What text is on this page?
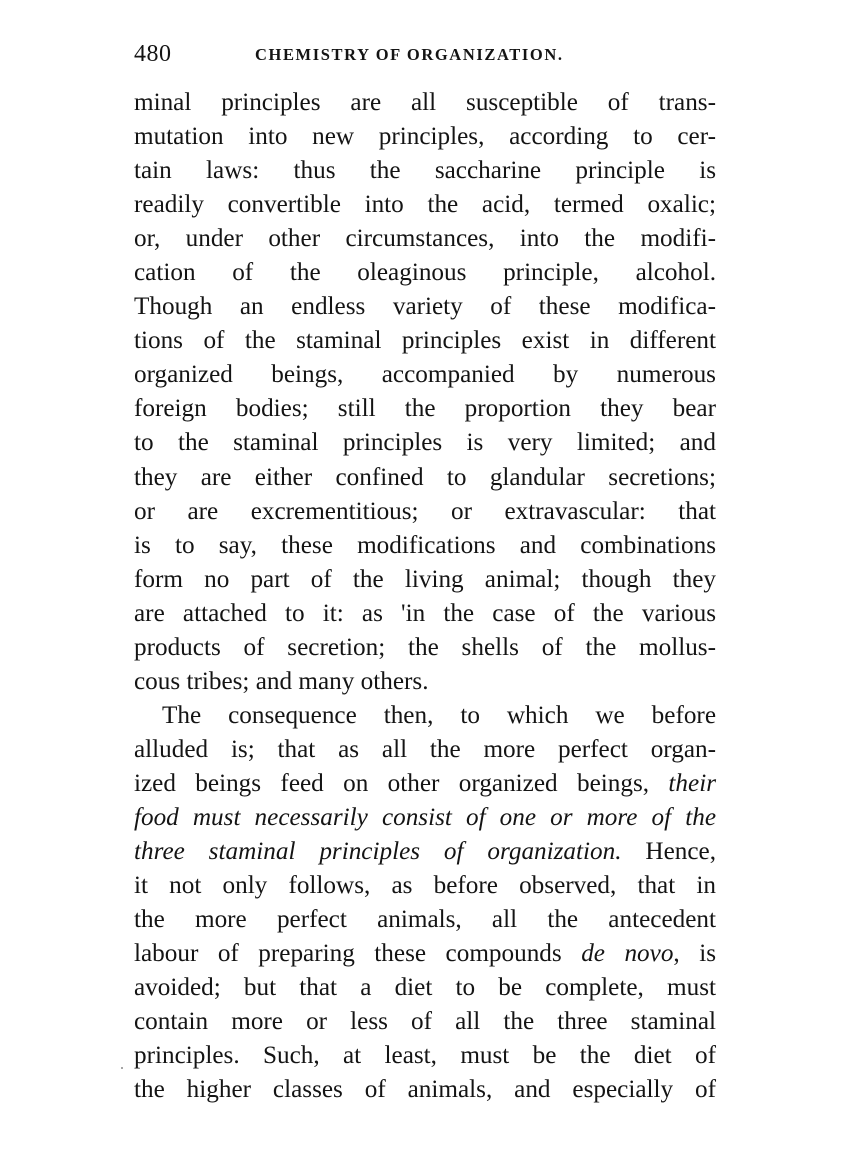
480	CHEMISTRY OF ORGANIZATION.
minal principles are all susceptible of trans-
mutation into new principles, according to cer-
tain laws: thus the saccharine principle is
readily convertible into the acid, termed oxalic;
or, under other circumstances, into the modifi-
cation of the oleaginous principle, alcohol.
Though an endless variety of these modifica-
tions of the staminal principles exist in different
organized beings, accompanied by numerous
foreign bodies; still the proportion they bear
to the staminal principles is very limited; and
they are either confined to glandular secretions;
or are excrementitious; or extravascular: that
is to say, these modifications and combinations
form no part of the living animal; though they
are attached to it: as 'in the case of the various
products of secretion; the shells of the mollus-
cous tribes; and many others.
The consequence then, to which we before
alluded is; that as all the more perfect organ-
ized beings feed on other organized beings, their
food must necessarily consist of one or more of the
three staminal principles of organization. Hence,
it not only follows, as before observed, that in
the more perfect animals, all the antecedent
labour of preparing these compounds de novo, is
avoided; but that a diet to be complete, must
contain more or less of all the three staminal
principles. Such, at least, must be the diet of
the higher classes of animals, and especially of
